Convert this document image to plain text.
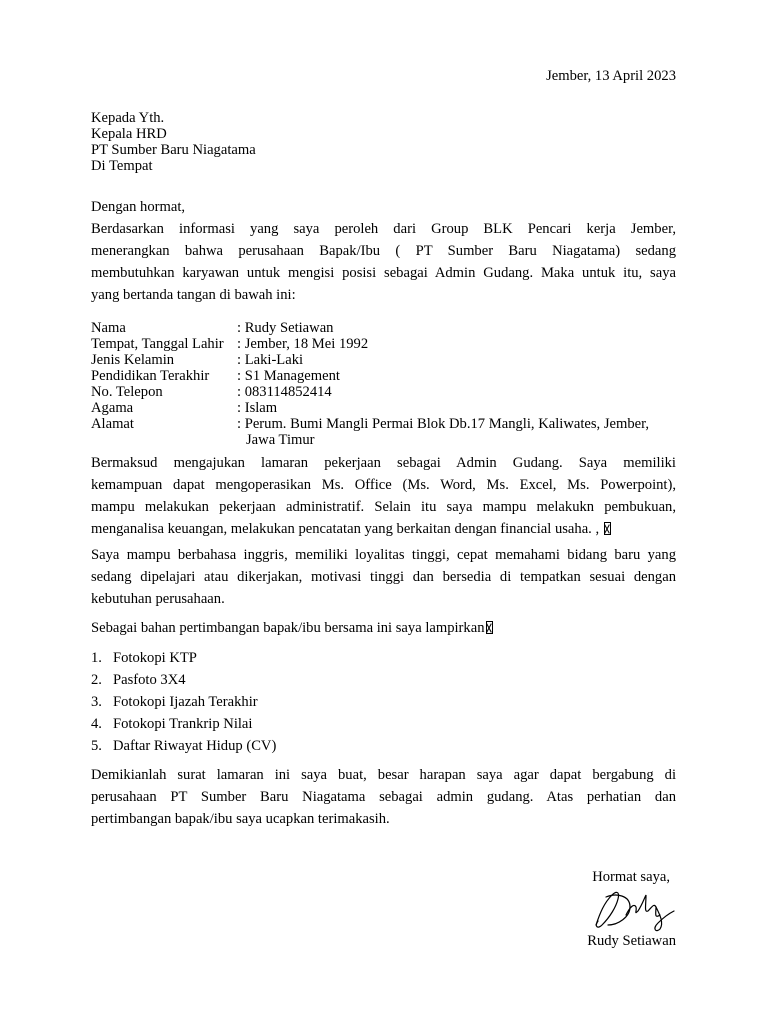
Jember, 13 April 2023
Kepada Yth.
Kepala HRD
PT Sumber Baru Niagatama
Di Tempat
Dengan hormat,
Berdasarkan informasi yang saya peroleh dari Group BLK Pencari kerja Jember,
menerangkan bahwa perusahaan Bapak/Ibu ( PT Sumber Baru Niagatama) sedang
membutuhkan karyawan untuk mengisi posisi sebagai Admin Gudang. Maka untuk itu, saya
yang bertanda tangan di bawah ini:
Nama	: Rudy Setiawan
Tempat, Tanggal Lahir : Jember, 18 Mei 1992
Jenis Kelamin	: Laki-Laki
Pendidikan Terakhir : S1 Management
No. Telepon	: 083114852414
Agama	: Islam
Alamat	: Perum. Bumi Mangli Permai Blok Db.17 Mangli, Kaliwates, Jember,
Jawa Timur
Bermaksud mengajukan lamaran pekerjaan sebagai Admin Gudang. Saya memiliki
kemampuan dapat mengoperasikan Ms. Office (Ms. Word, Ms. Excel, Ms. Powerpoint),
mampu melakukan pekerjaan administratif. Selain itu saya mampu melakukn pembukuan,
menganalisa keuangan, melakukan pencatatan yang berkaitan dengan financial usaha. ,
Saya mampu berbahasa inggris, memiliki loyalitas tinggi, cepat memahami bidang baru yang
sedang dipelajari atau dikerjakan, motivasi tinggi dan bersedia di tempatkan sesuai dengan
kebutuhan perusahaan.
Sebagai bahan pertimbangan bapak/ibu bersama ini saya lampirkan
1. Fotokopi KTP
2. Pasfoto 3X4
3. Fotokopi Ijazah Terakhir
4. Fotokopi Trankrip Nilai
5. Daftar Riwayat Hidup (CV)
Demikianlah surat lamaran ini saya buat, besar harapan saya agar dapat bergabung di
perusahaan PT Sumber Baru Niagatama sebagai admin gudang. Atas perhatian dan
pertimbangan bapak/ibu saya ucapkan terimakasih.
Hormat saya,
Rudy Setiawan
